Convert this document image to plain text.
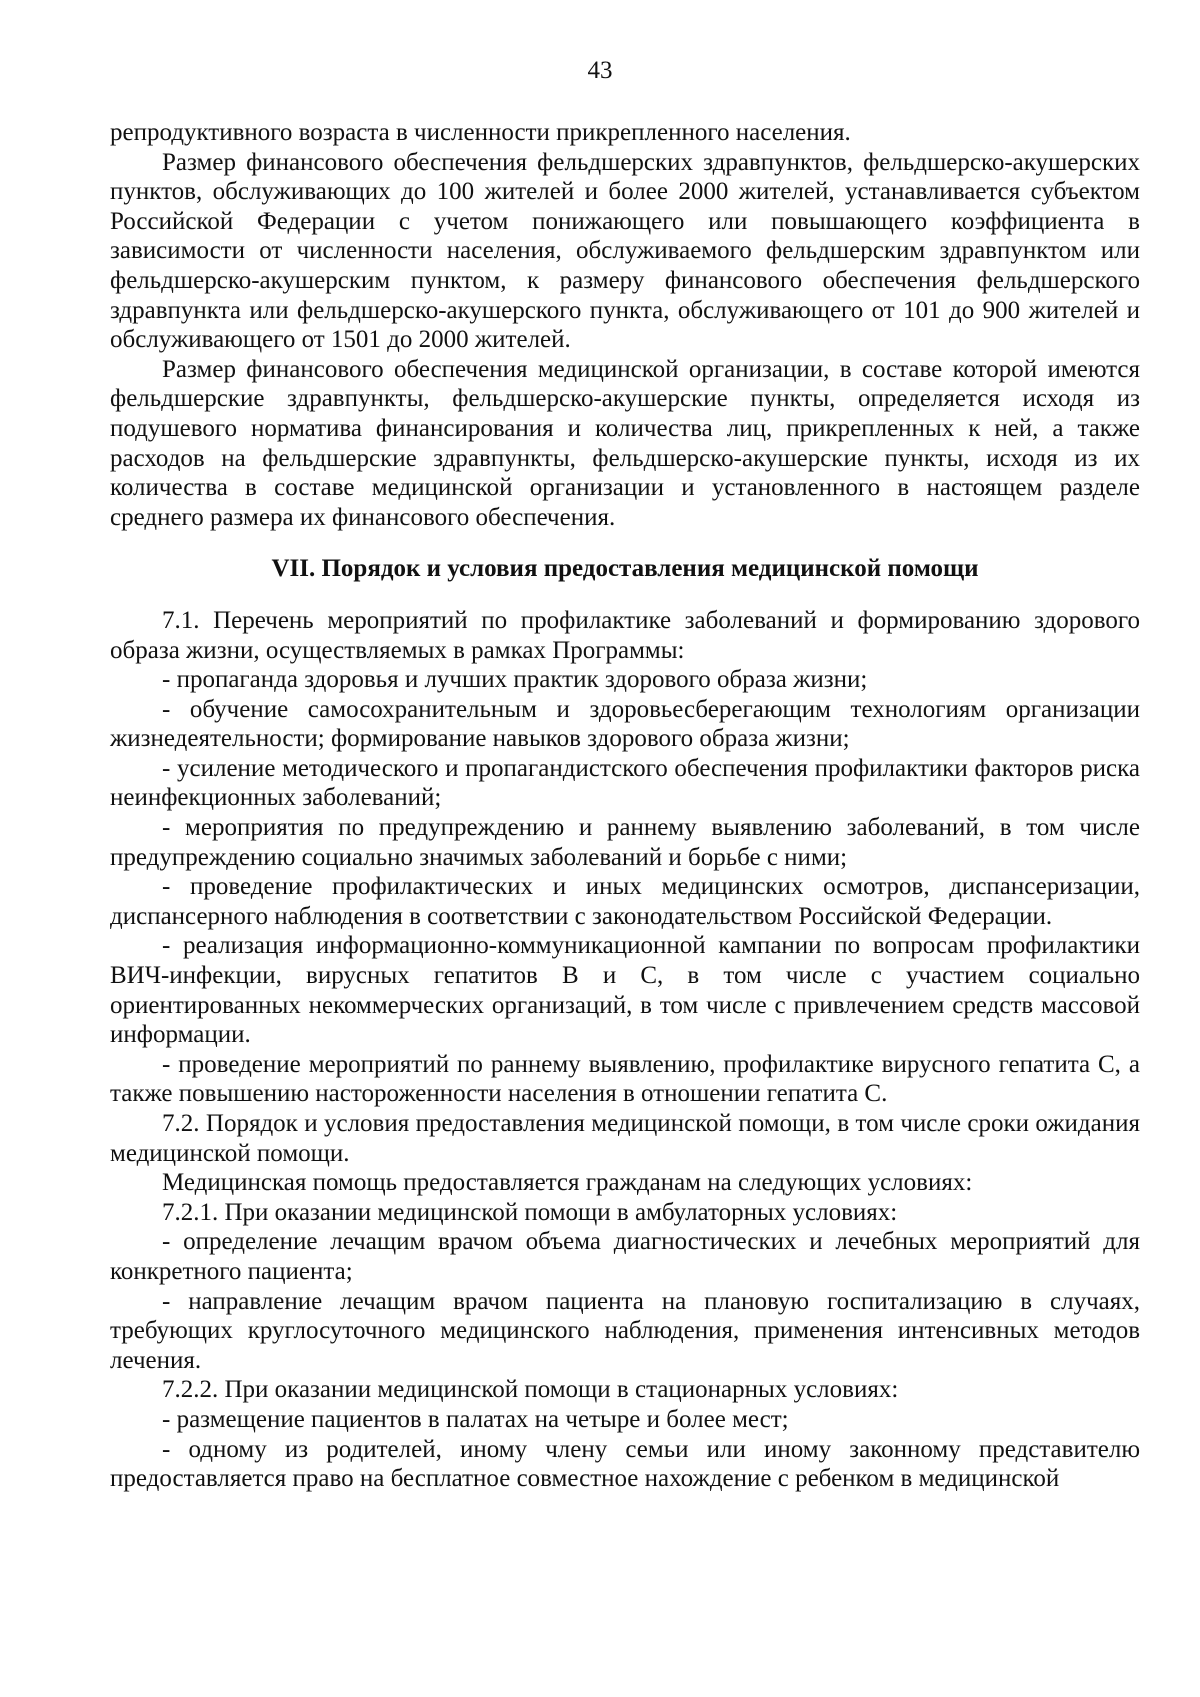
43

репродуктивного возраста в численности прикрепленного населения.

Размер финансового обеспечения фельдшерских здравпунктов, фельдшерско-акушерских пунктов, обслуживающих до 100 жителей и более 2000 жителей, устанавливается субъектом Российской Федерации с учетом понижающего или повышающего коэффициента в зависимости от численности населения, обслуживаемого фельдшерским здравпунктом или фельдшерско-акушерским пунктом, к размеру финансового обеспечения фельдшерского здравпункта или фельдшерско-акушерского пункта, обслуживающего от 101 до 900 жителей и обслуживающего от 1501 до 2000 жителей.

Размер финансового обеспечения медицинской организации, в составе которой имеются фельдшерские здравпункты, фельдшерско-акушерские пункты, определяется исходя из подушевого норматива финансирования и количества лиц, прикрепленных к ней, а также расходов на фельдшерские здравпункты, фельдшерско-акушерские пункты, исходя из их количества в составе медицинской организации и установленного в настоящем разделе среднего размера их финансового обеспечения.

VII. Порядок и условия предоставления медицинской помощи

7.1. Перечень мероприятий по профилактике заболеваний и формированию здорового образа жизни, осуществляемых в рамках Программы:

- пропаганда здоровья и лучших практик здорового образа жизни;

- обучение самосохранительным и здоровьесберегающим технологиям организации жизнедеятельности; формирование навыков здорового образа жизни;

- усиление методического и пропагандистского обеспечения профилактики факторов риска неинфекционных заболеваний;

- мероприятия по предупреждению и раннему выявлению заболеваний, в том числе предупреждению социально значимых заболеваний и борьбе с ними;

- проведение профилактических и иных медицинских осмотров, диспансеризации, диспансерного наблюдения в соответствии с законодательством Российской Федерации.

- реализация информационно-коммуникационной кампании по вопросам профилактики ВИЧ-инфекции, вирусных гепатитов В и С, в том числе с участием социально ориентированных некоммерческих организаций, в том числе с привлечением средств массовой информации.

- проведение мероприятий по раннему выявлению, профилактике вирусного гепатита С, а также повышению настороженности населения в отношении гепатита С.

7.2. Порядок и условия предоставления медицинской помощи, в том числе сроки ожидания медицинской помощи.

Медицинская помощь предоставляется гражданам на следующих условиях:

7.2.1. При оказании медицинской помощи в амбулаторных условиях:

- определение лечащим врачом объема диагностических и лечебных мероприятий для конкретного пациента;

- направление лечащим врачом пациента на плановую госпитализацию в случаях, требующих круглосуточного медицинского наблюдения, применения интенсивных методов лечения.

7.2.2. При оказании медицинской помощи в стационарных условиях:

- размещение пациентов в палатах на четыре и более мест;

- одному из родителей, иному члену семьи или иному законному представителю предоставляется право на бесплатное совместное нахождение с ребенком в медицинской
